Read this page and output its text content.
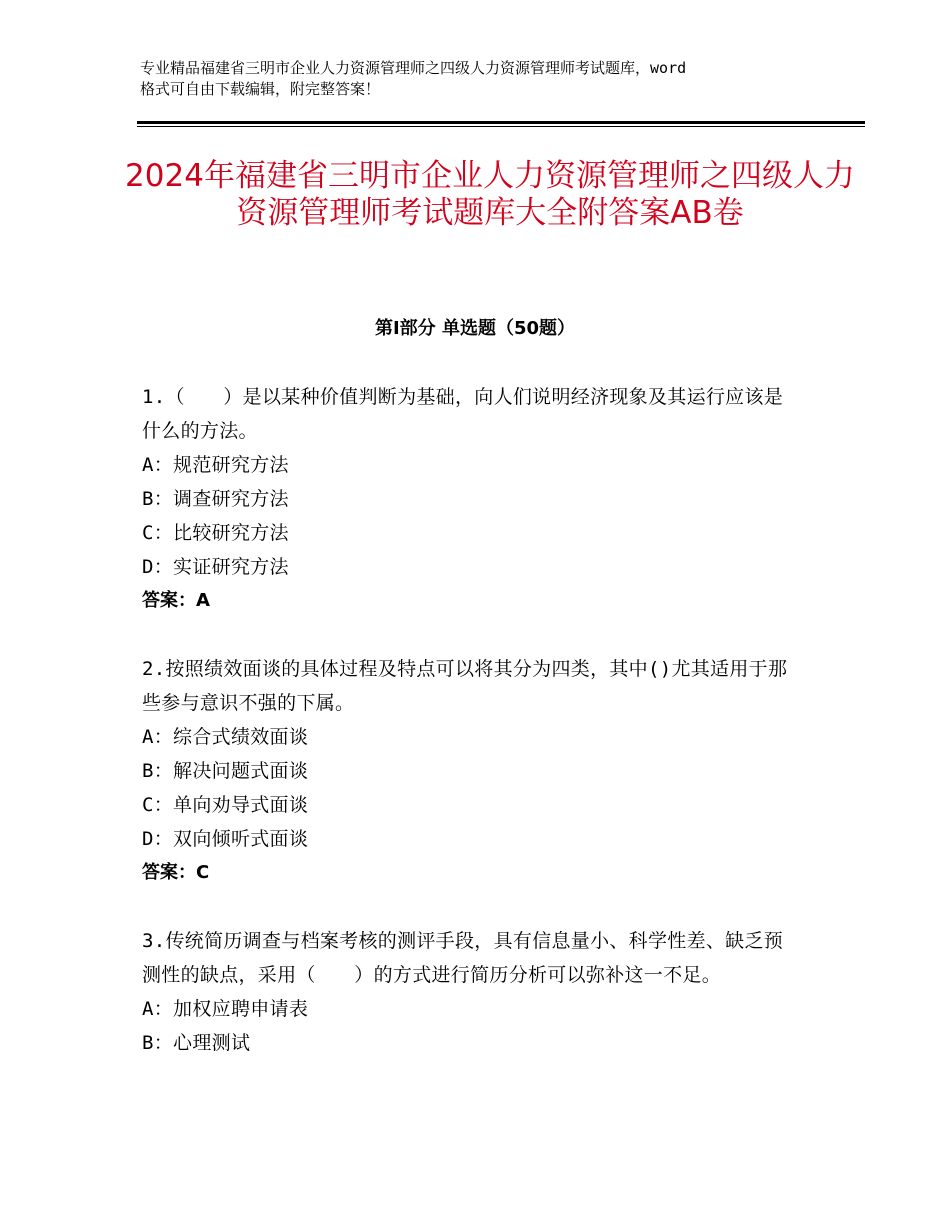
专业精品福建省三明市企业人力资源管理师之四级人力资源管理师考试题库，word
格式可自由下载编辑，附完整答案！
2024年福建省三明市企业人力资源管理师之四级人力资源管理师考试题库大全附答案AB卷
第Ⅰ部分 单选题（50题）
1.（　　）是以某种价值判断为基础，向人们说明经济现象及其运行应该是什么的方法。
A：规范研究方法
B：调查研究方法
C：比较研究方法
D：实证研究方法
答案：A
2.按照绩效面谈的具体过程及特点可以将其分为四类，其中()尤其适用于那些参与意识不强的下属。
A：综合式绩效面谈
B：解决问题式面谈
C：单向劝导式面谈
D：双向倾听式面谈
答案：C
3.传统简历调查与档案考核的测评手段，具有信息量小、科学性差、缺乏预测性的缺点，采用（　　）的方式进行简历分析可以弥补这一不足。
A：加权应聘申请表
B：心理测试
